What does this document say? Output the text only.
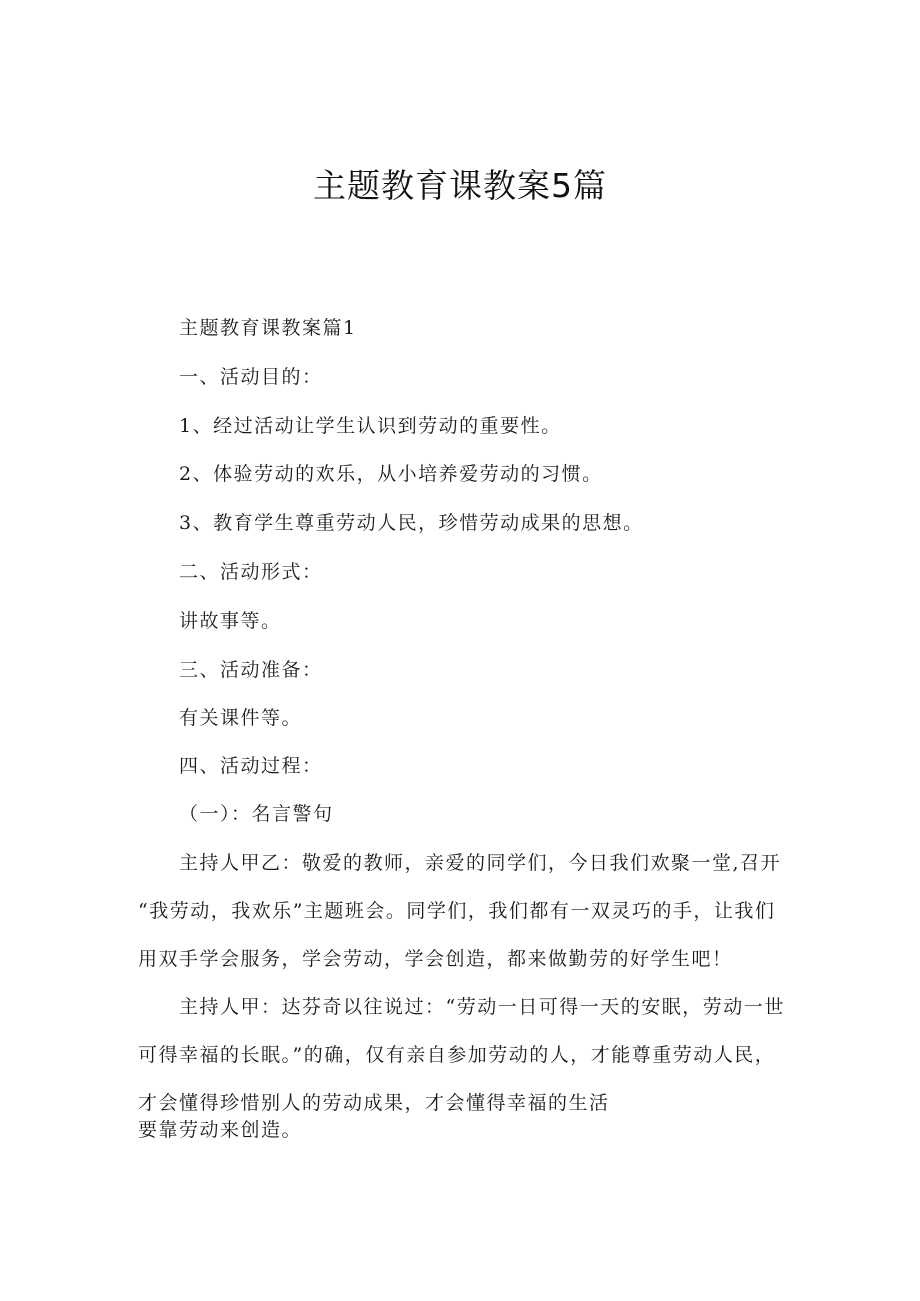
主题教育课教案5篇
主题教育课教案篇1
一、活动目的：
1、经过活动让学生认识到劳动的重要性。
2、体验劳动的欢乐，从小培养爱劳动的习惯。
3、教育学生尊重劳动人民，珍惜劳动成果的思想。
二、活动形式：
讲故事等。
三、活动准备：
有关课件等。
四、活动过程：
（一）：名言警句
主持人甲乙：敬爱的教师，亲爱的同学们，今日我们欢聚一堂,召开
“我劳动，我欢乐”主题班会。同学们，我们都有一双灵巧的手，让我们
用双手学会服务，学会劳动，学会创造，都来做勤劳的好学生吧！
主持人甲：达芬奇以往说过：“劳动一日可得一天的安眠，劳动一世
可得幸福的长眠。”的确，仅有亲自参加劳动的人，才能尊重劳动人民，
才会懂得珍惜别人的劳动成果，才会懂得幸福的生活
要靠劳动来创造。
